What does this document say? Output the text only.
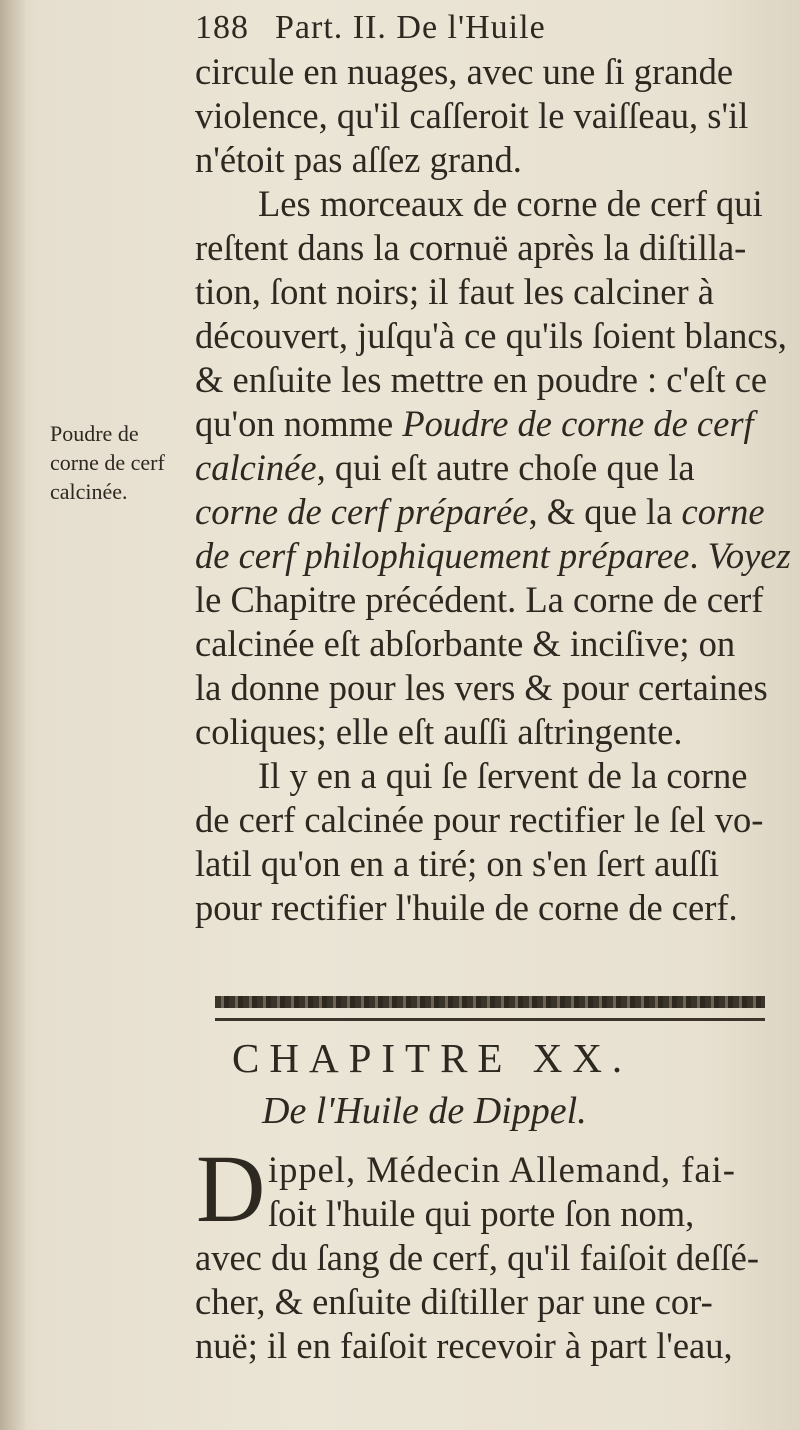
188 Part. II. De l'Huile
circule en nuages, avec une ſi grande
violence, qu'il caſſeroit le vaiſſeau, s'il
n'étoit pas aſſez grand.
Les morceaux de corne de cerf qui
reſtent dans la cornuë après la diſtilla-
tion, ſont noirs; il faut les calciner à
découvert, juſqu'à ce qu'ils ſoient blancs,
& enſuite les mettre en poudre : c'eſt ce
Poudre de
corne de cerf
calcinée.
qu'on nomme Poudre de corne de cerf
calcinée, qui eſt autre choſe que la
corne de cerf préparée, & que la corne
de cerf philophiquement préparee. Voyez
le Chapitre précédent. La corne de cerf
calcinée eſt abſorbante & inciſive; on
la donne pour les vers & pour certaines
coliques; elle eſt auſſi aſtringente.
Il y en a qui ſe ſervent de la corne
de cerf calcinée pour rectifier le ſel vo-
latil qu'on en a tiré; on s'en ſert auſſi
pour rectifier l'huile de corne de cerf.
CHAPITRE XX.
De l'Huile de Dippel.
D ippel, Médecin Allemand, fai-
ſoit l'huile qui porte ſon nom,
avec du ſang de cerf, qu'il faiſoit deſſé-
cher, & enſuite diſtiller par une cor-
nuë; il en faiſoit recevoir à part l'eau,
